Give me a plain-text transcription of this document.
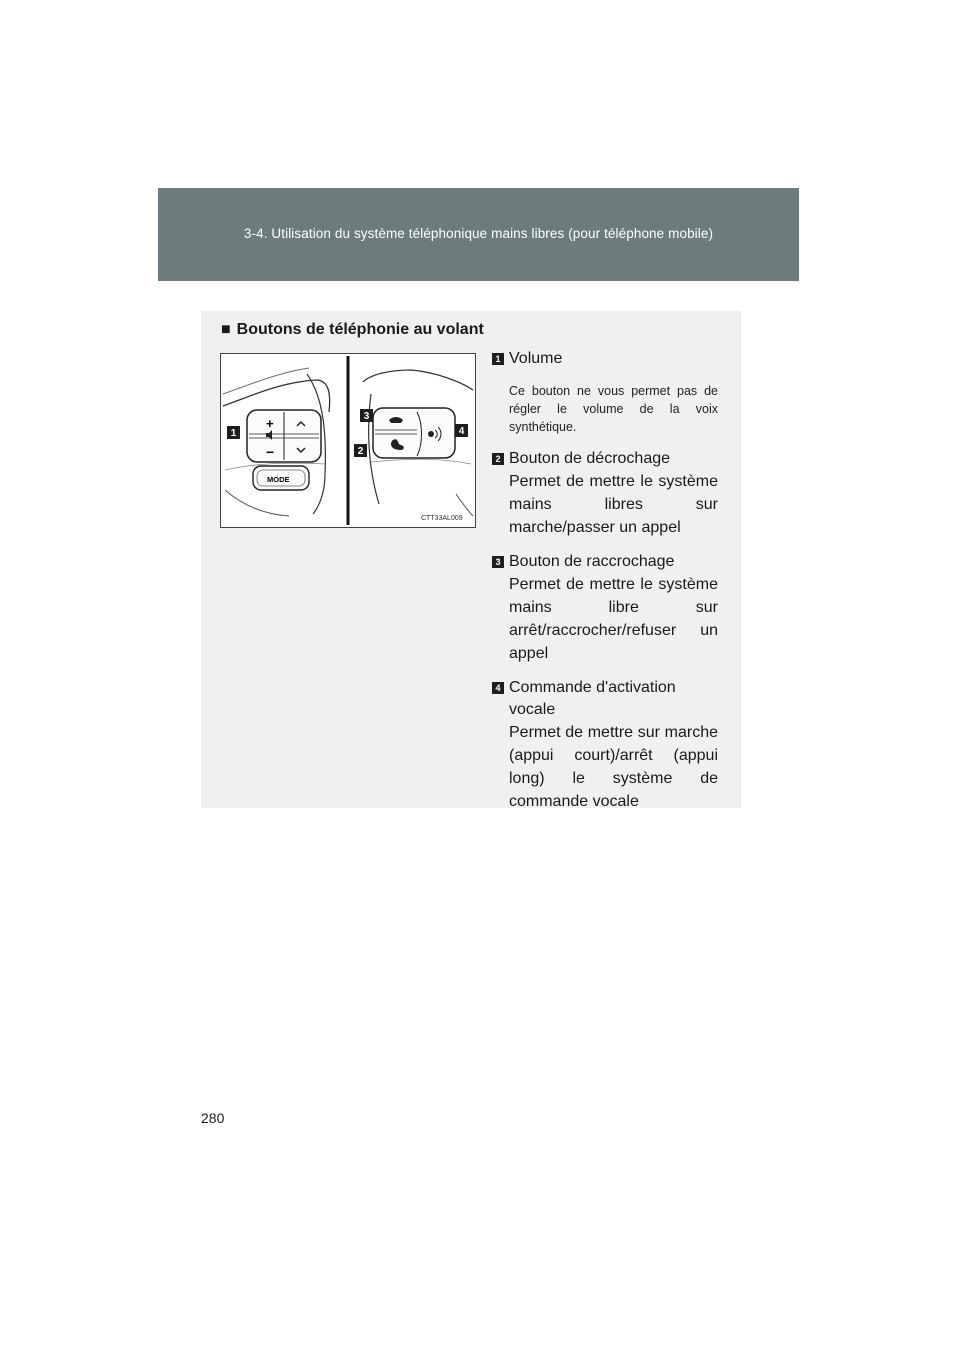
3-4. Utilisation du système téléphonique mains libres (pour téléphone mobile)
■ Boutons de téléphonie au volant
+
−
MODE
1
2
3
4
CTT33AL009
1 Volume
Ce bouton ne vous permet pas de régler le volume de la voix synthétique.
2 Bouton de décrochage
Permet de mettre le système mains libres sur marche/passer un appel
3 Bouton de raccrochage
Permet de mettre le système mains libre sur arrêt/raccrocher/refuser un appel
4 Commande d'activation vocale
Permet de mettre sur marche (appui court)/arrêt (appui long) le système de commande vocale
280
